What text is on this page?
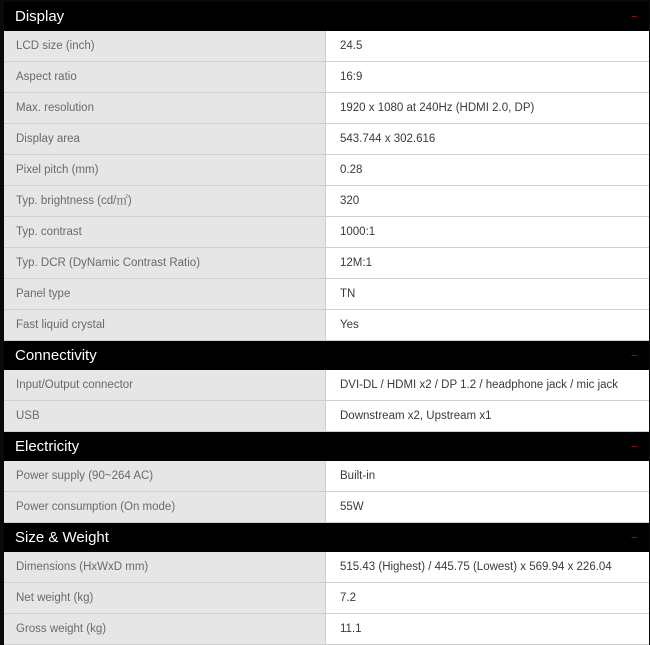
Display	–
LCD size (inch)	24.5
Aspect ratio	16:9
Max. resolution	1920 x 1080 at 240Hz (HDMI 2.0, DP)
Display area	543.744 x 302.616
Pixel pitch (mm)	0.28
Typ. brightness (cd/㎡)	320
Typ. contrast	1000:1
Typ. DCR (DyNamic Contrast Ratio)	12M:1
Panel type	TN
Fast liquid crystal	Yes
Connectivity	–
Input/Output connector	DVI-DL / HDMI x2 / DP 1.2 / headphone jack / mic jack
USB	Downstream x2, Upstream x1
Electricity	–
Power supply (90~264 AC)	Built-in
Power consumption (On mode)	55W
Size & Weight	–
Dimensions (HxWxD mm)	515.43 (Highest) / 445.75 (Lowest) x 569.94 x 226.04
Net weight (kg)	7.2
Gross weight (kg)	11.1
